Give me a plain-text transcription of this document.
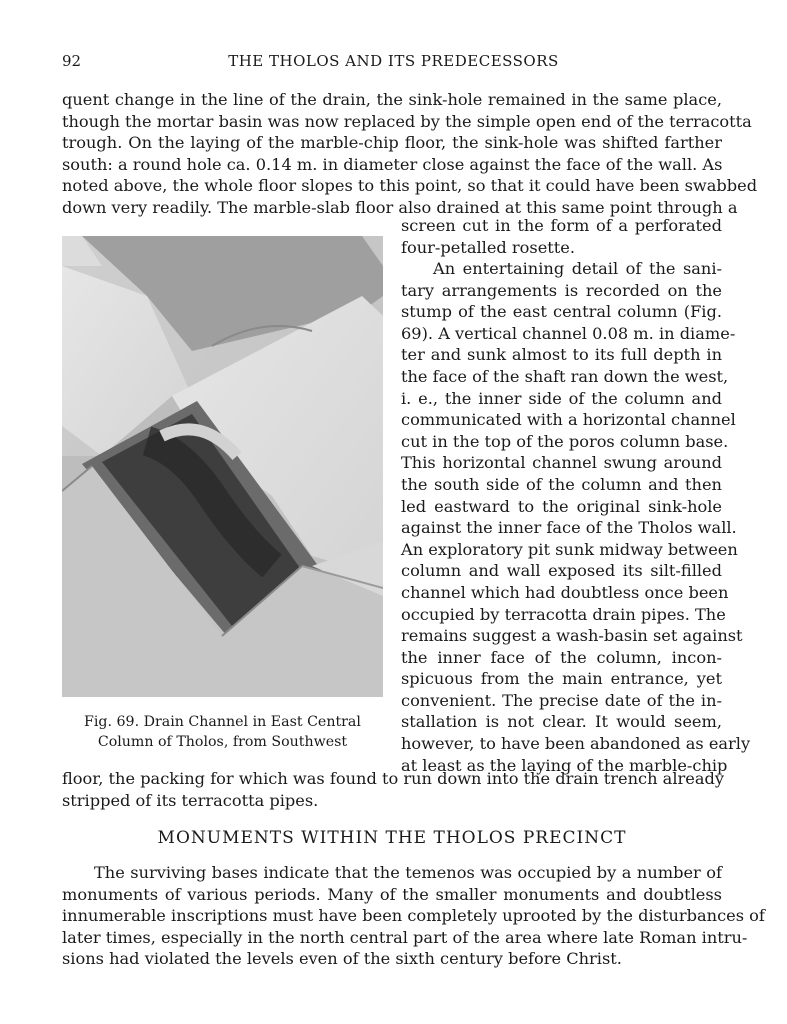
92	THE THOLOS AND ITS PREDECESSORS
quent change in the line of the drain, the sink-hole remained in the same place,
though the mortar basin was now replaced by the simple open end of the terracotta
trough. On the laying of the marble-chip floor, the sink-hole was shifted farther
south: a round hole ca. 0.14 m. in diameter close against the face of the wall. As
noted above, the whole floor slopes to this point, so that it could have been swabbed
down very readily. The marble-slab floor also drained at this same point through a
screen cut in the form of a perforated
four-petalled rosette.
An entertaining detail of the sani-
tary arrangements is recorded on the
stump of the east central column (Fig.
69). A vertical channel 0.08 m. in diame-
ter and sunk almost to its full depth in
the face of the shaft ran down the west,
i. e., the inner side of the column and
communicated with a horizontal channel
cut in the top of the poros column base.
This horizontal channel swung around
the south side of the column and then
led eastward to the original sink-hole
against the inner face of the Tholos wall.
An exploratory pit sunk midway between
column and wall exposed its silt-filled
channel which had doubtless once been
occupied by terracotta drain pipes. The
remains suggest a wash-basin set against
the inner face of the column, incon-
spicuous from the main entrance, yet
convenient. The precise date of the in-
stallation is not clear. It would seem,
however, to have been abandoned as early
at least as the laying of the marble-chip
floor, the packing for which was found to run down into the drain trench already
stripped of its terracotta pipes.
Fig. 69. Drain Channel in East Central
Column of Tholos, from Southwest
MONUMENTS WITHIN THE THOLOS PRECINCT
The surviving bases indicate that the temenos was occupied by a number of
monuments of various periods. Many of the smaller monuments and doubtless
innumerable inscriptions must have been completely uprooted by the disturbances of
later times, especially in the north central part of the area where late Roman intru-
sions had violated the levels even of the sixth century before Christ.
